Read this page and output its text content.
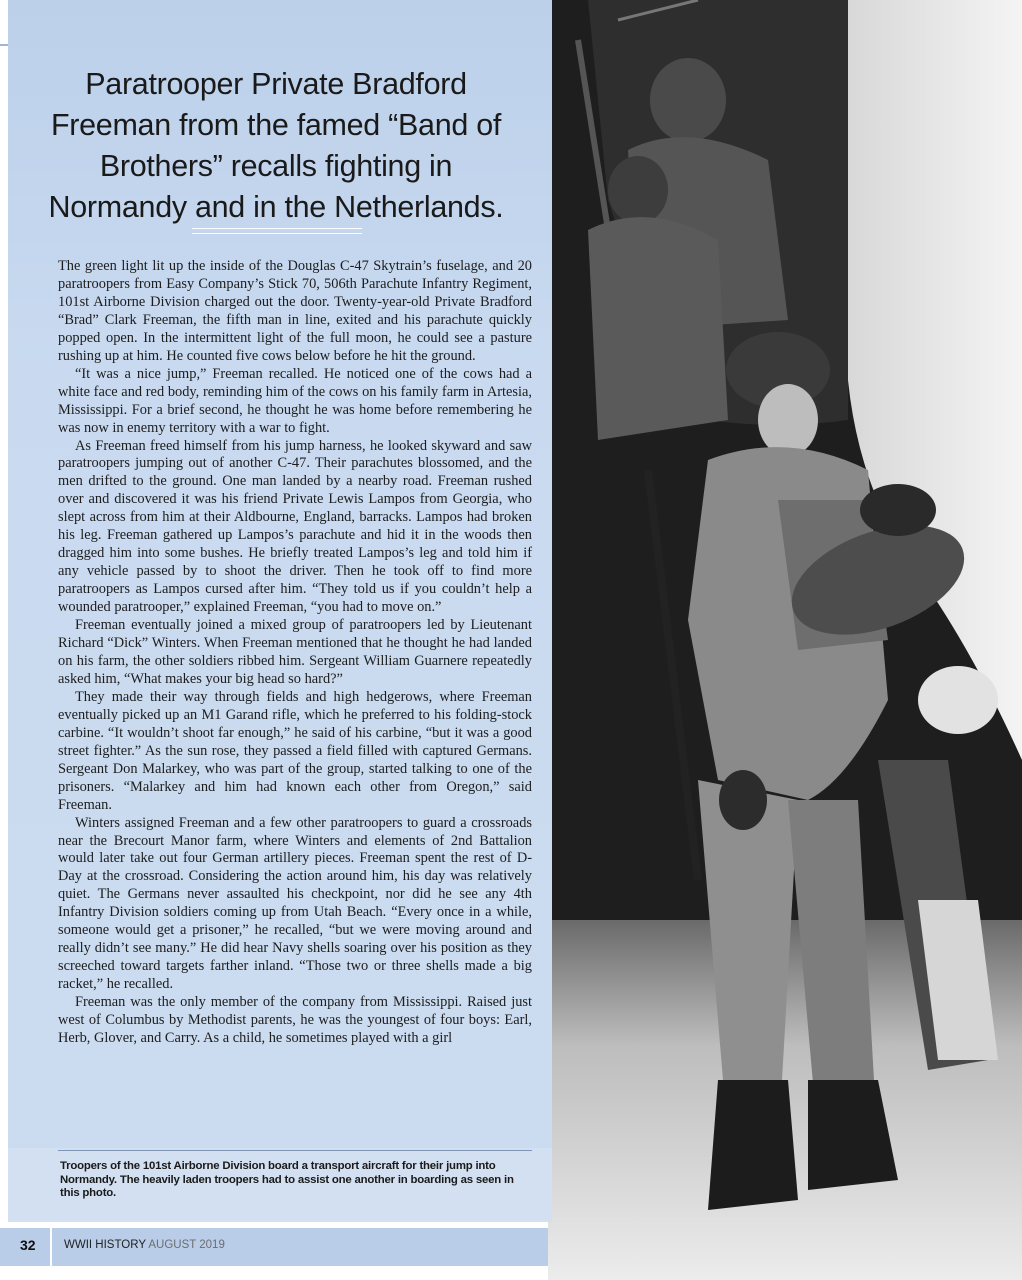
Paratrooper Private Bradford Freeman from the famed “Band of Brothers” recalls fighting in Normandy and in the Netherlands.

The green light lit up the inside of the Douglas C-47 Skytrain’s fuselage, and 20 paratroopers from Easy Company’s Stick 70, 506th Parachute Infantry Regiment, 101st Airborne Division charged out the door. Twenty-year-old Private Bradford “Brad” Clark Freeman, the fifth man in line, exited and his parachute quickly popped open. In the intermittent light of the full moon, he could see a pasture rushing up at him. He counted five cows below before he hit the ground.

“It was a nice jump,” Freeman recalled. He noticed one of the cows had a white face and red body, reminding him of the cows on his family farm in Artesia, Mississippi. For a brief second, he thought he was home before remembering he was now in enemy territory with a war to fight.

As Freeman freed himself from his jump harness, he looked skyward and saw paratroopers jumping out of another C-47. Their parachutes blossomed, and the men drifted to the ground. One man landed by a nearby road. Freeman rushed over and discovered it was his friend Private Lewis Lampos from Georgia, who slept across from him at their Aldbourne, England, barracks. Lampos had broken his leg. Freeman gathered up Lampos’s parachute and hid it in the woods then dragged him into some bushes. He briefly treated Lampos’s leg and told him if any vehicle passed by to shoot the driver. Then he took off to find more paratroopers as Lampos cursed after him. “They told us if you couldn’t help a wounded paratrooper,” explained Freeman, “you had to move on.”

Freeman eventually joined a mixed group of paratroopers led by Lieutenant Richard “Dick” Winters. When Freeman mentioned that he thought he had landed on his farm, the other soldiers ribbed him. Sergeant William Guarnere repeatedly asked him, “What makes your big head so hard?”

They made their way through fields and high hedgerows, where Freeman eventually picked up an M1 Garand rifle, which he preferred to his folding-stock carbine. “It wouldn’t shoot far enough,” he said of his carbine, “but it was a good street fighter.” As the sun rose, they passed a field filled with captured Germans. Sergeant Don Malarkey, who was part of the group, started talking to one of the prisoners. “Malarkey and him had known each other from Oregon,” said Freeman.

Winters assigned Freeman and a few other paratroopers to guard a crossroads near the Brecourt Manor farm, where Winters and elements of 2nd Battalion would later take out four German artillery pieces. Freeman spent the rest of D-Day at the crossroad. Considering the action around him, his day was relatively quiet. The Germans never assaulted his checkpoint, nor did he see any 4th Infantry Division soldiers coming up from Utah Beach. “Every once in a while, someone would get a prisoner,” he recalled, “but we were moving around and really didn’t see many.” He did hear Navy shells soaring over his position as they screeched toward targets farther inland. “Those two or three shells made a big racket,” he recalled.

Freeman was the only member of the company from Mississippi. Raised just west of Columbus by Methodist parents, he was the youngest of four boys: Earl, Herb, Glover, and Carry. As a child, he sometimes played with a girl

Troopers of the 101st Airborne Division board a transport aircraft for their jump into Normandy. The heavily laden troopers had to assist one another in boarding as seen in this photo.
32 WWII HISTORY AUGUST 2019
